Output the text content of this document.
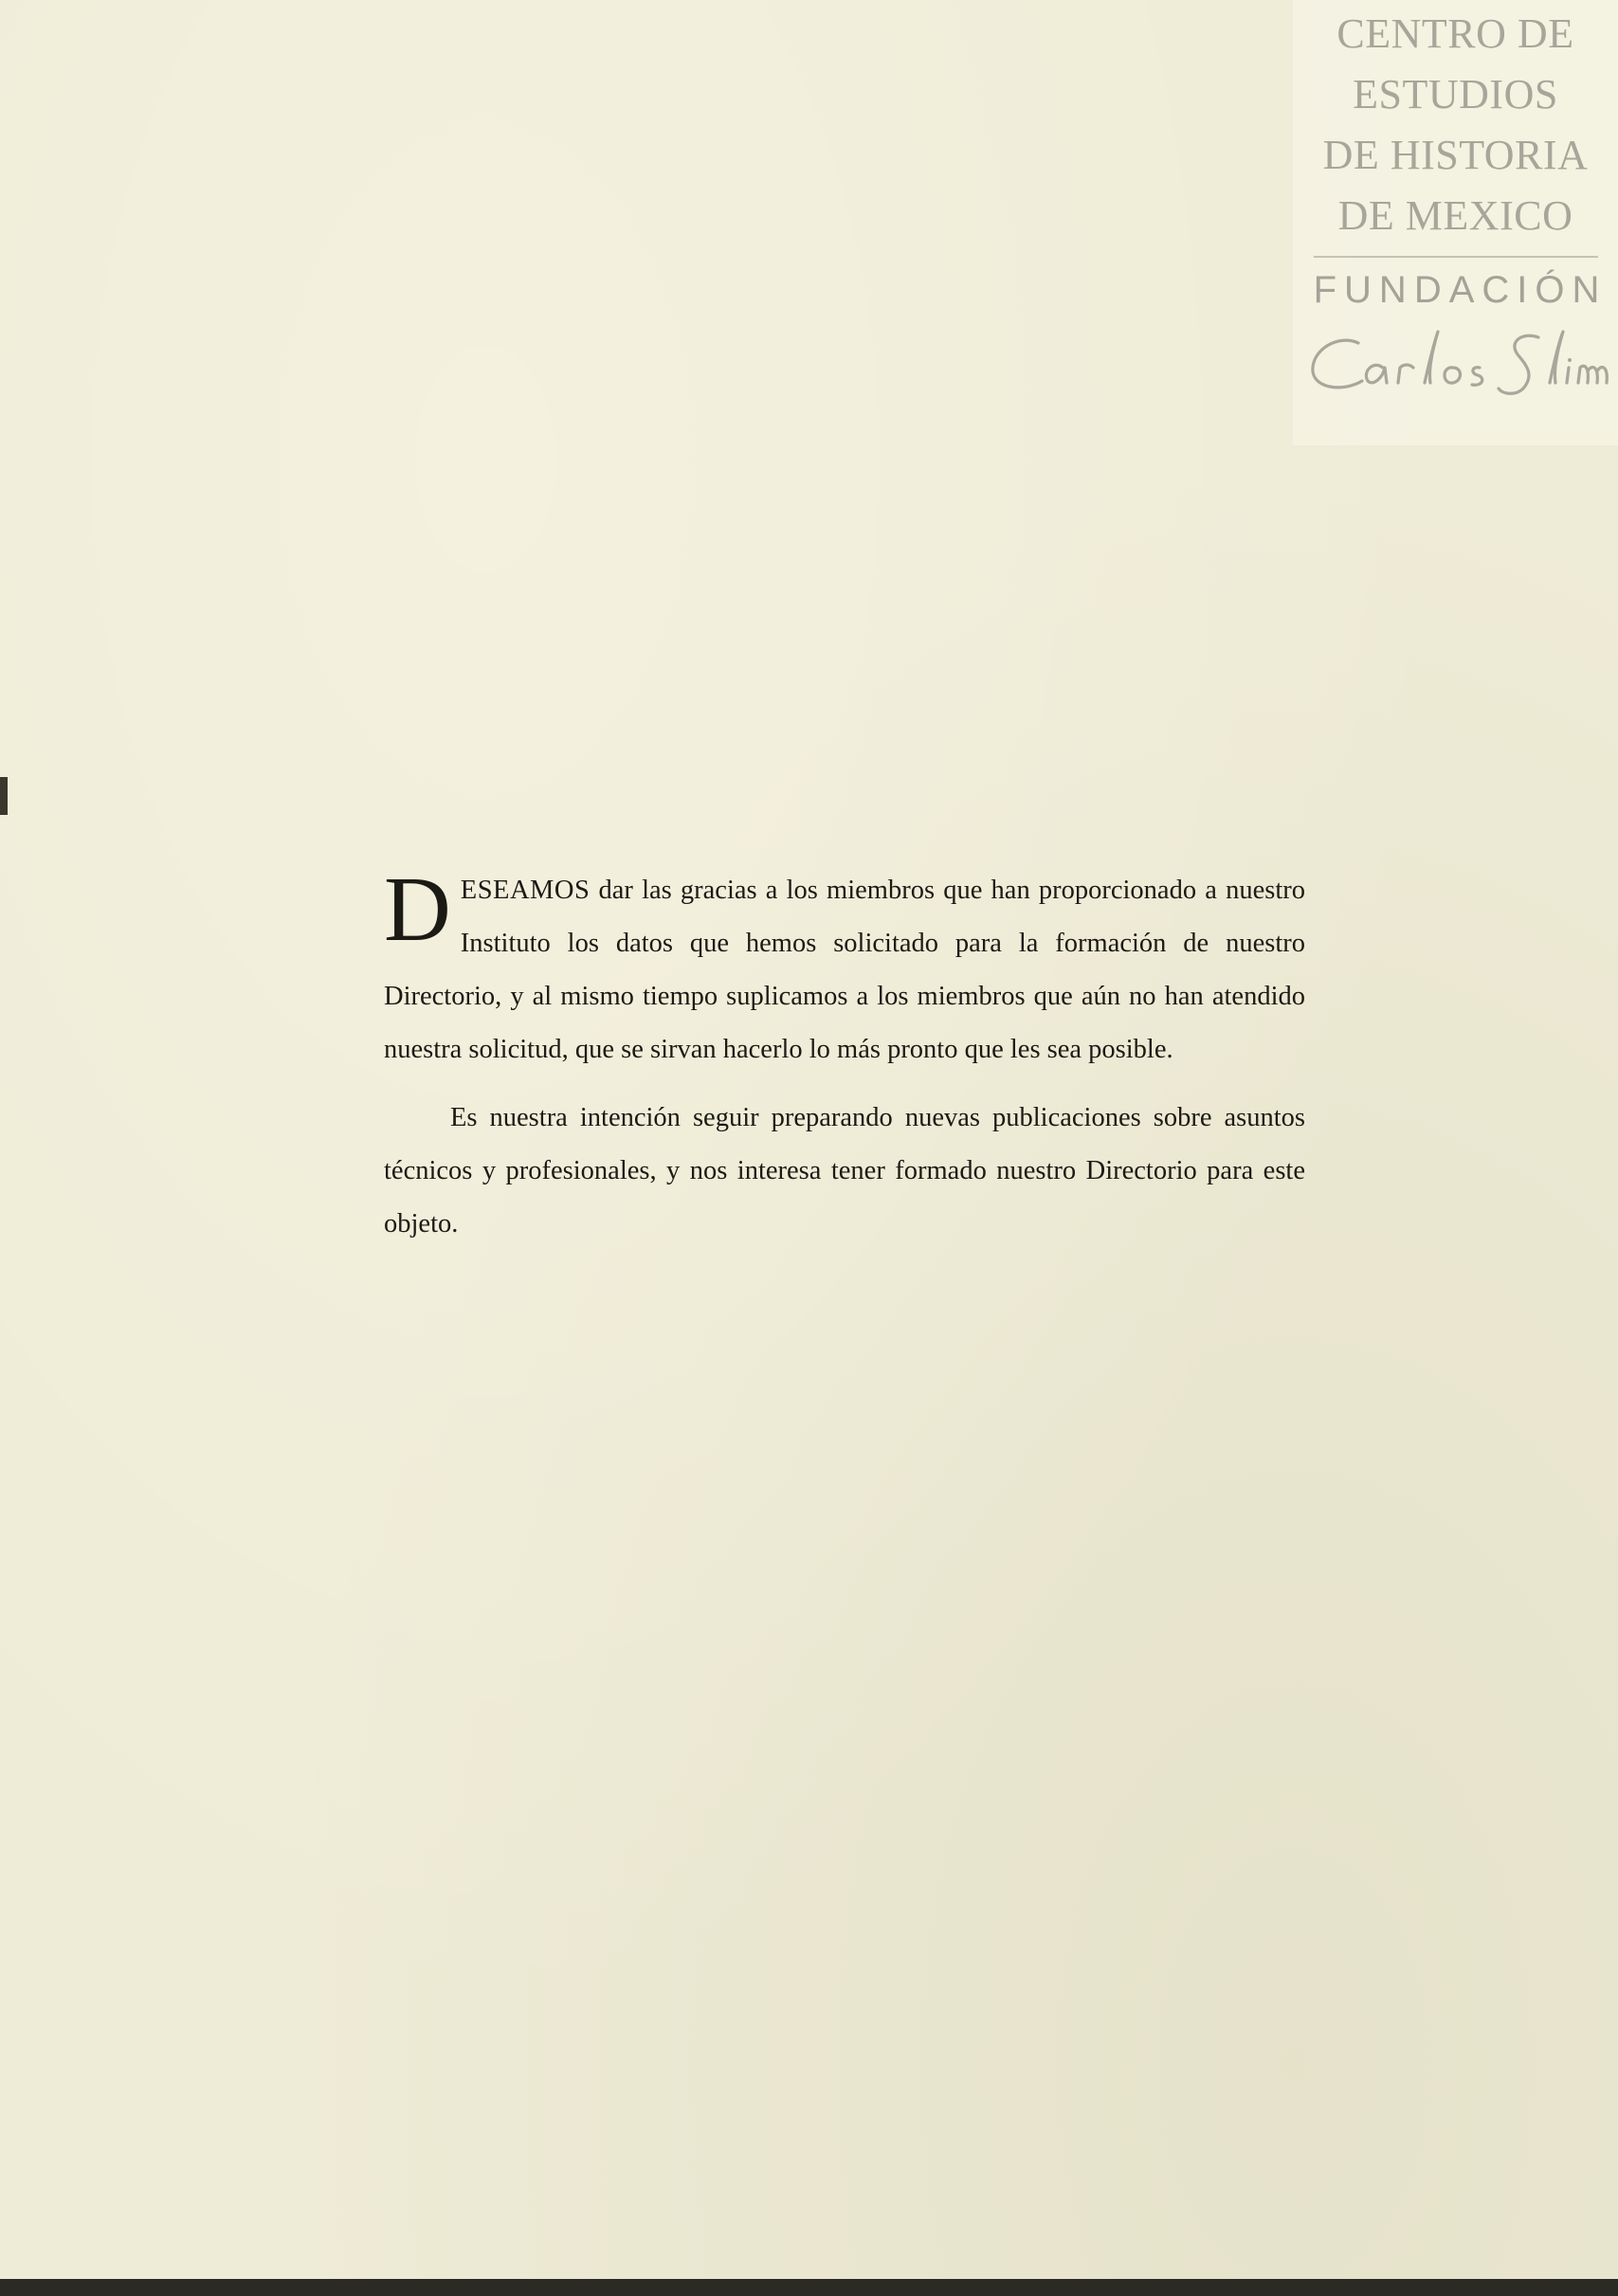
CENTRO DE
ESTUDIOS
DE HISTORIA
DE MEXICO
FUNDACIÓN

DESEAMOS dar las gracias a los miembros que han proporcionado a nuestro Instituto los datos que hemos solicitado para la formación de nuestro Directorio, y al mismo tiempo suplicamos a los miembros que aún no han atendido nuestra solicitud, que se sirvan hacerlo lo más pronto que les sea posible.

Es nuestra intención seguir preparando nuevas publicaciones sobre asuntos técnicos y profesionales, y nos interesa tener formado nuestro Directorio para este objeto.
